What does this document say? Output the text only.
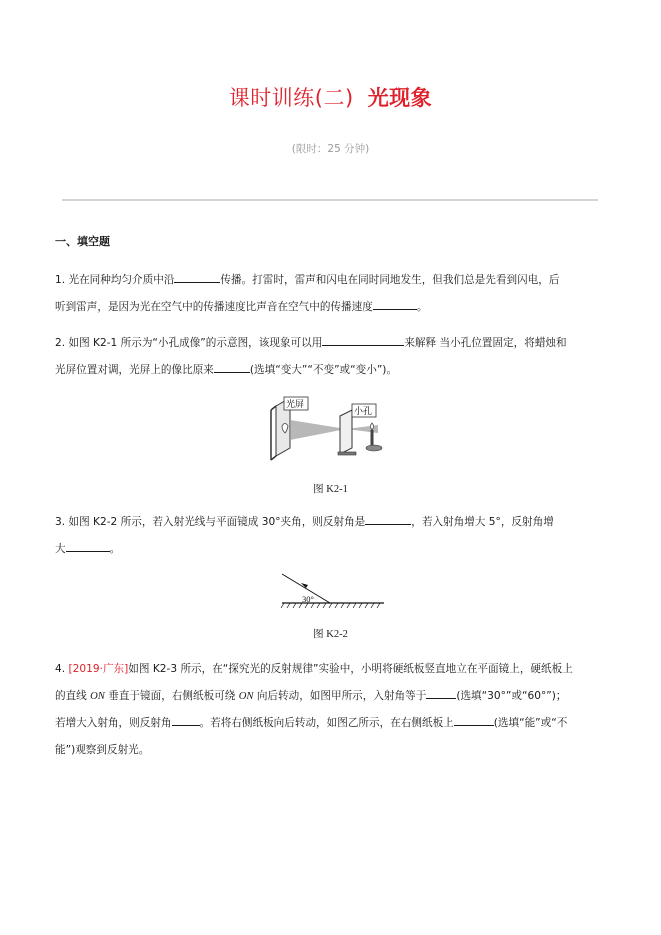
课时训练(二) 光现象
(限时：25 分钟)
一、填空题
1. 光在同种均匀介质中沿	传播。打雷时，雷声和闪电在同时同地发生，但我们总是先看到闪电，后
听到雷声，是因为光在空气中的传播速度比声音在空气中的传播速度	。
2. 如图 K2-1 所示为“小孔成像”的示意图，该现象可以用	来解释 当小孔位置固定，将蜡烛和
光屏位置对调，光屏上的像比原来	(选填“变大”“不变”或“变小”)。
光屏
小孔
图 K2-1
3. 如图 K2-2 所示，若入射光线与平面镜成 30°夹角，则反射角是	，若入射角增大 5°，反射角增
大	。
30°
图 K2-2
4. [2019·广东]如图 K2-3 所示，在“探究光的反射规律”实验中，小明将硬纸板竖直地立在平面镜上，硬纸板上
的直线 ON 垂直于镜面，右侧纸板可绕 ON 向后转动，如图甲所示，入射角等于	(选填“30°”或“60°”)；
若增大入射角，则反射角	。若将右侧纸板向后转动，如图乙所示，在右侧纸板上	(选填“能”或“不
能”)观察到反射光。
